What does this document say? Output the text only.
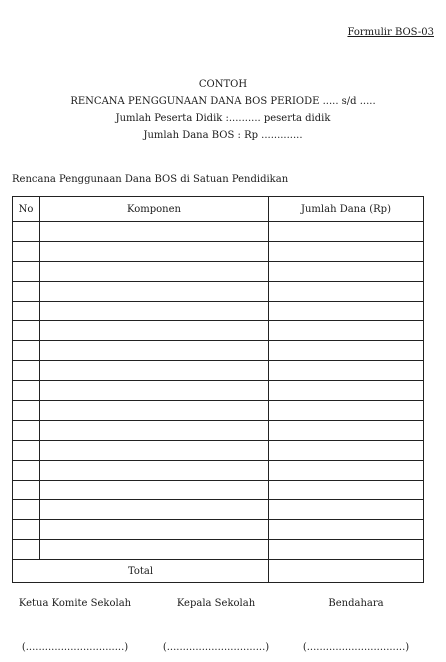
Formulir BOS-03
CONTOH
RENCANA PENGGUNAAN DANA BOS PERIODE ..... s/d .....
Jumlah Peserta Didik :.......... peserta didik
Jumlah Dana BOS : Rp .............
Rencana Penggunaan Dana BOS di Satuan Pendidikan
No	Komponen	Jumlah Dana (Rp)

Total		
Ketua Komite Sekolah	Kepala Sekolah	Bendahara
(...............................)	(...............................)	(...............................)
